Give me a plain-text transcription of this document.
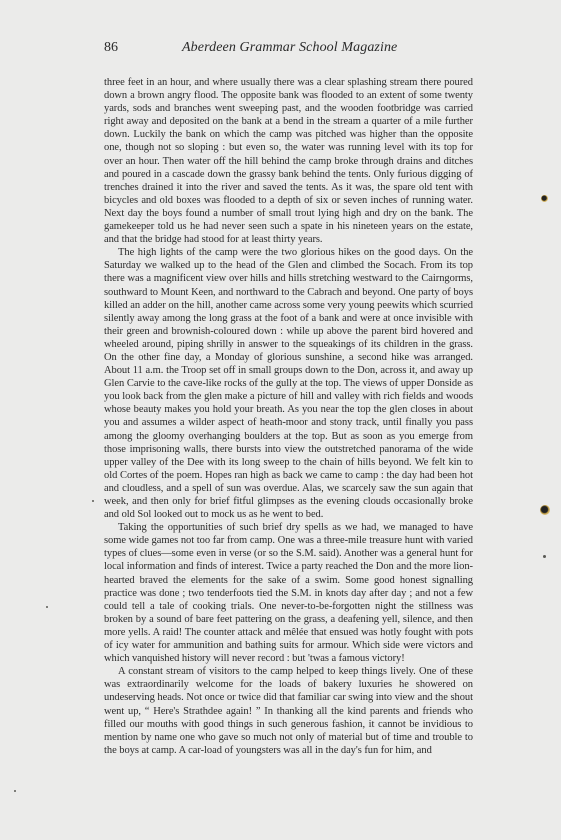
86	Aberdeen Grammar School Magazine

three feet in an hour, and where usually there was a clear splashing stream there poured down a brown angry flood. The opposite bank was flooded to an extent of some twenty yards, sods and branches went sweeping past, and the wooden footbridge was carried right away and deposited on the bank at a bend in the stream a quarter of a mile further down. Luckily the bank on which the camp was pitched was higher than the opposite one, though not so sloping : but even so, the water was running level with its top for over an hour. Then water off the hill behind the camp broke through drains and ditches and poured in a cascade down the grassy bank behind the tents. Only furious digging of trenches drained it into the river and saved the tents. As it was, the spare old tent with bicycles and old boxes was flooded to a depth of six or seven inches of running water. Next day the boys found a number of small trout lying high and dry on the bank. The gamekeeper told us he had never seen such a spate in his nineteen years on the estate, and that the bridge had stood for at least thirty years.

The high lights of the camp were the two glorious hikes on the good days. On the Saturday we walked up to the head of the Glen and climbed the Socach. From its top there was a magnificent view over hills and hills stretching westward to the Cairngorms, southward to Mount Keen, and northward to the Cabrach and beyond. One party of boys killed an adder on the hill, another came across some very young peewits which scurried silently away among the long grass at the foot of a bank and were at once invisible with their green and brownish-coloured down : while up above the parent bird hovered and wheeled around, piping shrilly in answer to the squeakings of its children in the grass. On the other fine day, a Monday of glorious sunshine, a second hike was arranged. About 11 a.m. the Troop set off in small groups down to the Don, across it, and away up Glen Carvie to the cave-like rocks of the gully at the top. The views of upper Donside as you look back from the glen make a picture of hill and valley with rich fields and woods whose beauty makes you hold your breath. As you near the top the glen closes in about you and assumes a wilder aspect of heath-moor and stony track, until finally you pass among the gloomy overhanging boulders at the top. But as soon as you emerge from those imprisoning walls, there bursts into view the outstretched panorama of the wide upper valley of the Dee with its long sweep to the chain of hills beyond. We felt kin to old Cortes of the poem. Hopes ran high as back we came to camp : the day had been hot and cloudless, and a spell of sun was overdue. Alas, we scarcely saw the sun again that week, and then only for brief fitful glimpses as the evening clouds occasionally broke and old Sol looked out to mock us as he went to bed.

Taking the opportunities of such brief dry spells as we had, we managed to have some wide games not too far from camp. One was a three-mile treasure hunt with varied types of clues—some even in verse (or so the S.M. said). Another was a general hunt for local information and finds of interest. Twice a party reached the Don and the more lion-hearted braved the elements for the sake of a swim. Some good honest signalling practice was done ; two tenderfoots tied the S.M. in knots day after day ; and not a few could tell a tale of cooking trials. One never-to-be-forgotten night the stillness was broken by a sound of bare feet pattering on the grass, a deafening yell, silence, and then more yells. A raid! The counter attack and mêlée that ensued was hotly fought with pots of icy water for ammunition and bathing suits for armour. Which side were victors and which vanquished history will never record : but 'twas a famous victory!

A constant stream of visitors to the camp helped to keep things lively. One of these was extraordinarily welcome for the loads of bakery luxuries he showered on undeserving heads. Not once or twice did that familiar car swing into view and the shout went up, “ Here's Strathdee again! ” In thanking all the kind parents and friends who filled our mouths with good things in such generous fashion, it cannot be invidious to mention by name one who gave so much not only of material but of time and trouble to the boys at camp. A car-load of youngsters was all in the day's fun for him, and
